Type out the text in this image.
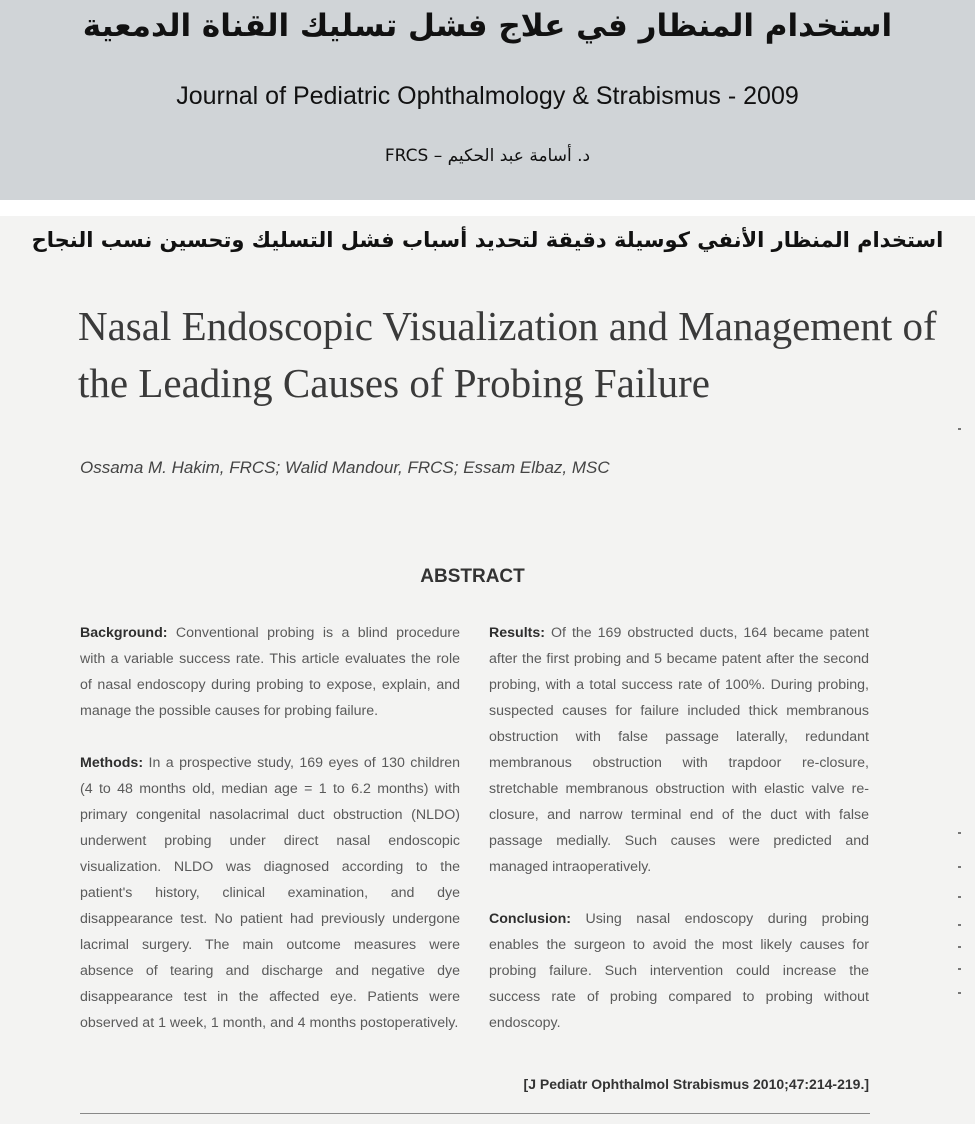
استخدام المنظار في علاج فشل تسليك القناة الدمعية
Journal of Pediatric Ophthalmology & Strabismus - 2009
د. أسامة عبد الحكيم – FRCS
استخدام المنظار الأنفي كوسيلة دقيقة لتحديد أسباب فشل التسليك وتحسين نسب النجاح
Nasal Endoscopic Visualization and Management of
the Leading Causes of Probing Failure
Ossama M. Hakim, FRCS; Walid Mandour, FRCS; Essam Elbaz, MSC
ABSTRACT

Background: Conventional probing is a blind procedure with a variable success rate. This article evaluates the role of nasal endoscopy during probing to expose, explain, and manage the possible causes for probing failure.

Methods: In a prospective study, 169 eyes of 130 children (4 to 48 months old, median age = 1 to 6.2 months) with primary congenital nasolacrimal duct obstruction (NLDO) underwent probing under direct nasal endoscopic visualization. NLDO was diagnosed according to the patient's history, clinical examination, and dye disappearance test. No patient had previously undergone lacrimal surgery. The main outcome measures were absence of tearing and discharge and negative dye disappearance test in the affected eye. Patients were observed at 1 week, 1 month, and 4 months postoperatively.

Results: Of the 169 obstructed ducts, 164 became patent after the first probing and 5 became patent after the second probing, with a total success rate of 100%. During probing, suspected causes for failure included thick membranous obstruction with false passage laterally, redundant membranous obstruction with trapdoor re-closure, stretchable membranous obstruction with elastic valve re-closure, and narrow terminal end of the duct with false passage medially. Such causes were predicted and managed intraoperatively.

Conclusion: Using nasal endoscopy during probing enables the surgeon to avoid the most likely causes for probing failure. Such intervention could increase the success rate of probing compared to probing without endoscopy.

[J Pediatr Ophthalmol Strabismus 2010;47:214-219.]
